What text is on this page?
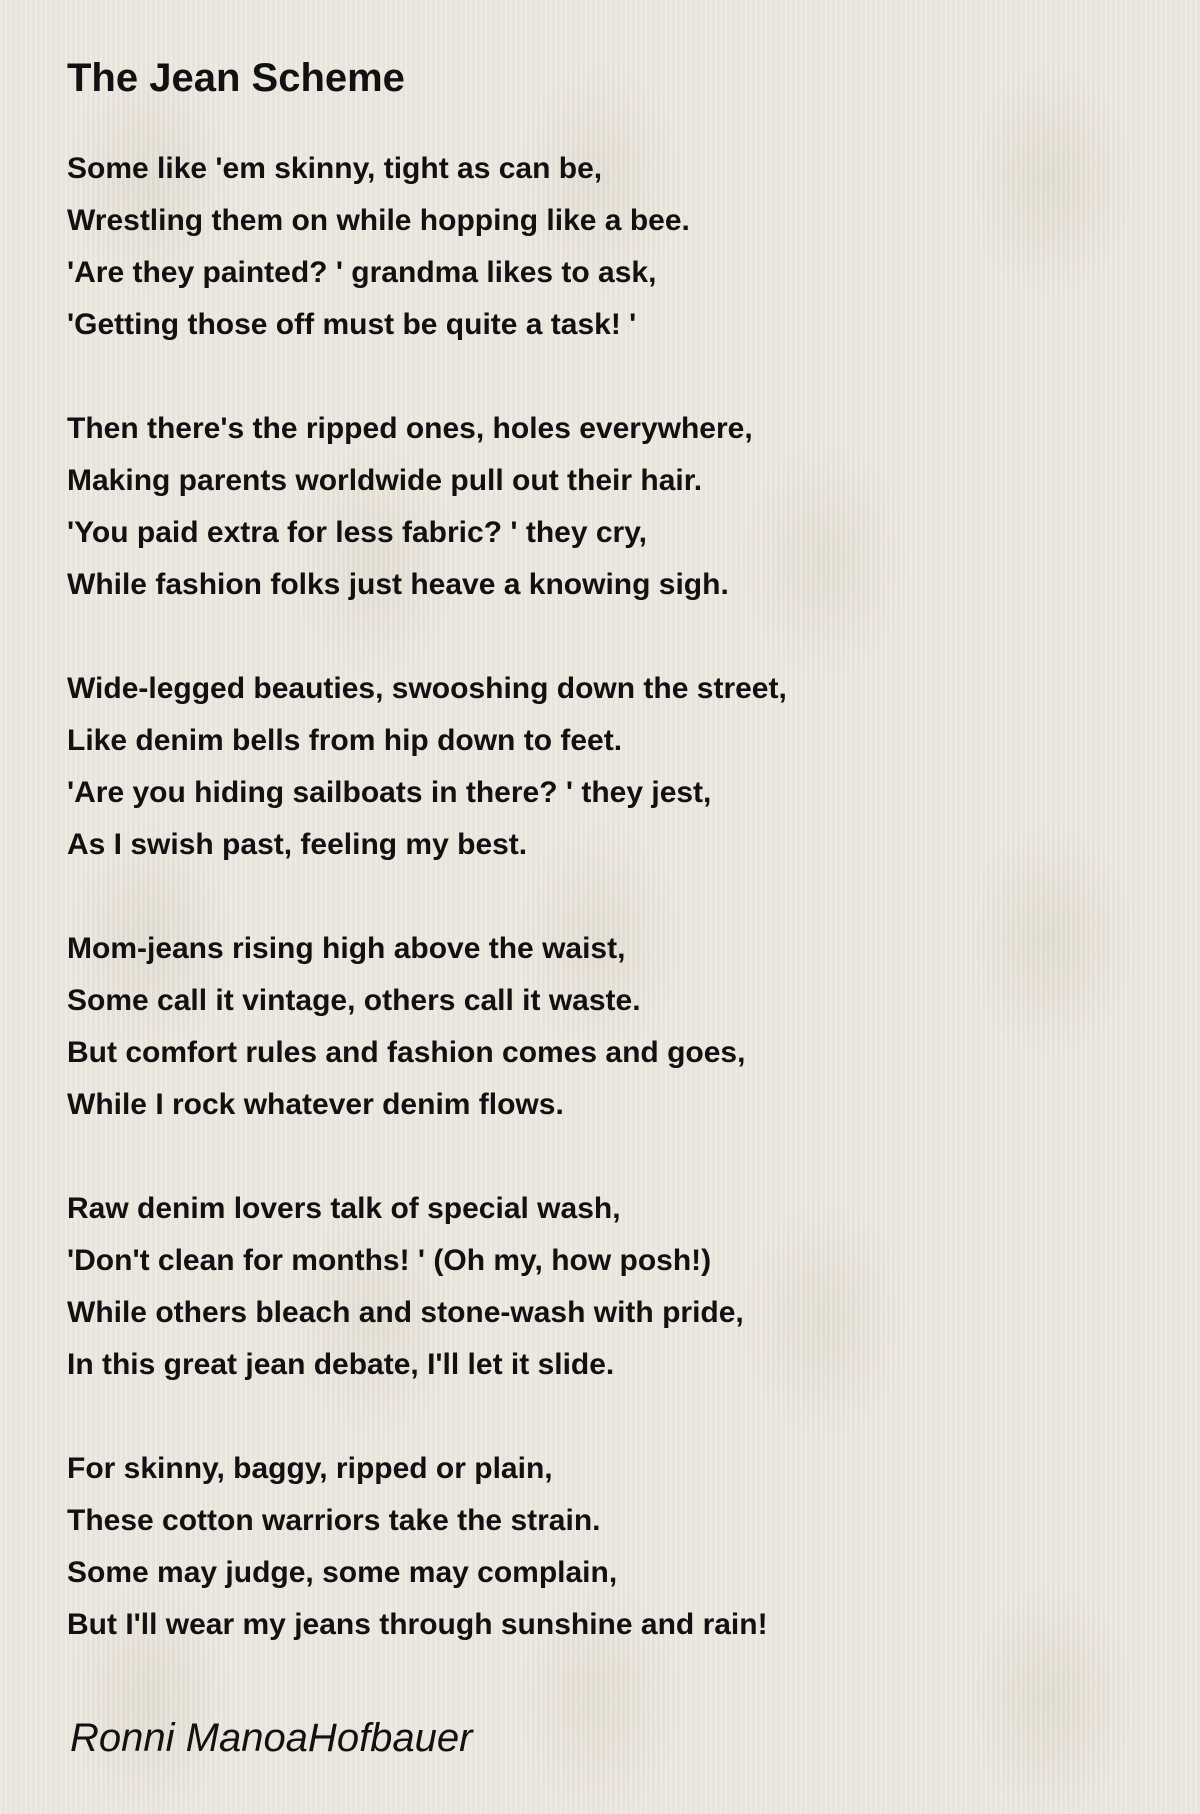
The Jean Scheme
Some like 'em skinny, tight as can be,
Wrestling them on while hopping like a bee.
'Are they painted? ' grandma likes to ask,
'Getting those off must be quite a task! '
Then there's the ripped ones, holes everywhere,
Making parents worldwide pull out their hair.
'You paid extra for less fabric? ' they cry,
While fashion folks just heave a knowing sigh.
Wide-legged beauties, swooshing down the street,
Like denim bells from hip down to feet.
'Are you hiding sailboats in there? ' they jest,
As I swish past, feeling my best.
Mom-jeans rising high above the waist,
Some call it vintage, others call it waste.
But comfort rules and fashion comes and goes,
While I rock whatever denim flows.
Raw denim lovers talk of special wash,
'Don't clean for months! ' (Oh my, how posh!)
While others bleach and stone-wash with pride,
In this great jean debate, I'll let it slide.
For skinny, baggy, ripped or plain,
These cotton warriors take the strain.
Some may judge, some may complain,
But I'll wear my jeans through sunshine and rain!
Ronni ManoaHofbauer
